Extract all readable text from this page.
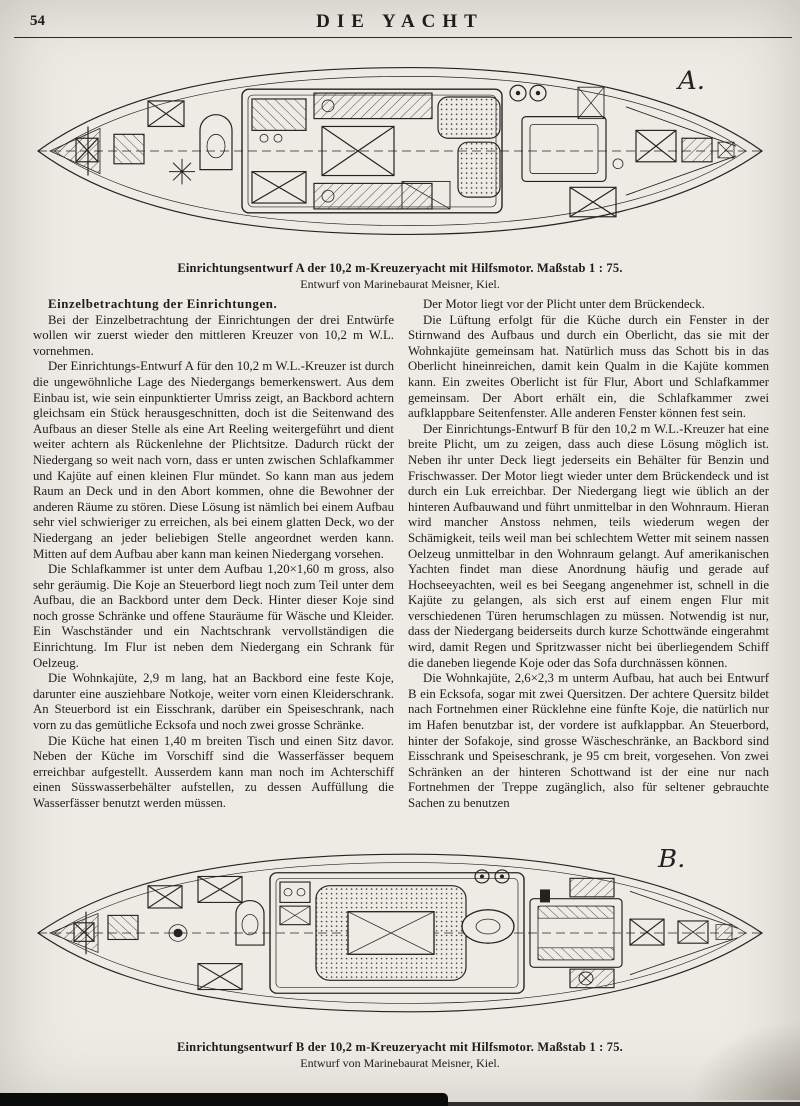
54	DIE YACHT
A.
Einrichtungsentwurf A der 10,2 m-Kreuzeryacht mit Hilfsmotor. Maßstab 1 : 75.
Entwurf von Marinebaurat Meisner, Kiel.

Einzelbetrachtung der Einrichtungen.

Bei der Einzelbetrachtung der Einrichtungen der drei Entwürfe wollen wir zuerst wieder den mittleren Kreuzer von 10,2 m W.L. vornehmen.

Der Einrichtungs-Entwurf A für den 10,2 m W.L.-Kreuzer ist durch die ungewöhnliche Lage des Niedergangs bemerkenswert. Aus dem Einbau ist, wie sein einpunktierter Umriss zeigt, an Backbord achtern gleichsam ein Stück herausgeschnitten, doch ist die Seitenwand des Aufbaus an dieser Stelle als eine Art Reeling weitergeführt und dient weiter achtern als Rückenlehne der Plichtsitze. Dadurch rückt der Niedergang so weit nach vorn, dass er unten zwischen Schlafkammer und Kajüte auf einen kleinen Flur mündet. So kann man aus jedem Raum an Deck und in den Abort kommen, ohne die Bewohner der anderen Räume zu stören. Diese Lösung ist nämlich bei einem Aufbau sehr viel schwieriger zu erreichen, als bei einem glatten Deck, wo der Niedergang an jeder beliebigen Stelle angeordnet werden kann. Mitten auf dem Aufbau aber kann man keinen Niedergang vorsehen.

Die Schlafkammer ist unter dem Aufbau 1,20×1,60 m gross, also sehr geräumig. Die Koje an Steuerbord liegt noch zum Teil unter dem Aufbau, die an Backbord unter dem Deck. Hinter dieser Koje sind noch grosse Schränke und offene Stauräume für Wäsche und Kleider. Ein Waschständer und ein Nachtschrank vervollständigen die Einrichtung. Im Flur ist neben dem Niedergang ein Schrank für Oelzeug.

Die Wohnkajüte, 2,9 m lang, hat an Backbord eine feste Koje, darunter eine ausziehbare Notkoje, weiter vorn einen Kleiderschrank. An Steuerbord ist ein Eisschrank, darüber ein Speiseschrank, nach vorn zu das gemütliche Ecksofa und noch zwei grosse Schränke.

Die Küche hat einen 1,40 m breiten Tisch und einen Sitz davor. Neben der Küche im Vorschiff sind die Wasserfässer bequem erreichbar aufgestellt. Ausserdem kann man noch im Achterschiff einen Süsswasserbehälter aufstellen, zu dessen Auffüllung die Wasserfässer benutzt werden müssen.

Der Motor liegt vor der Plicht unter dem Brückendeck.

Die Lüftung erfolgt für die Küche durch ein Fenster in der Stirnwand des Aufbaus und durch ein Oberlicht, das sie mit der Wohnkajüte gemeinsam hat. Natürlich muss das Schott bis in das Oberlicht hineinreichen, damit kein Qualm in die Kajüte kommen kann. Ein zweites Oberlicht ist für Flur, Abort und Schlafkammer gemeinsam. Der Abort erhält ein, die Schlafkammer zwei aufklappbare Seitenfenster. Alle anderen Fenster können fest sein.

Der Einrichtungs-Entwurf B für den 10,2 m W.L.-Kreuzer hat eine breite Plicht, um zu zeigen, dass auch diese Lösung möglich ist. Neben ihr unter Deck liegt jederseits ein Behälter für Benzin und Frischwasser. Der Motor liegt wieder unter dem Brückendeck und ist durch ein Luk erreichbar. Der Niedergang liegt wie üblich an der hinteren Aufbauwand und führt unmittelbar in den Wohnraum. Hieran wird mancher Anstoss nehmen, teils wiederum wegen der Schämigkeit, teils weil man bei schlechtem Wetter mit seinem nassen Oelzeug unmittelbar in den Wohnraum gelangt. Auf amerikanischen Yachten findet man diese Anordnung häufig und gerade auf Hochseeyachten, weil es bei Seegang angenehmer ist, schnell in die Kajüte zu gelangen, als sich erst auf einem engen Flur mit verschiedenen Türen herumschlagen zu müssen. Notwendig ist nur, dass der Niedergang beiderseits durch kurze Schottwände eingerahmt wird, damit Regen und Spritzwasser nicht bei überliegendem Schiff die daneben liegende Koje oder das Sofa durchnässen können.

Die Wohnkajüte, 2,6×2,3 m unterm Aufbau, hat auch bei Entwurf B ein Ecksofa, sogar mit zwei Quersitzen. Der achtere Quersitz bildet nach Fortnehmen einer Rücklehne eine fünfte Koje, die natürlich nur im Hafen benutzbar ist, der vordere ist aufklappbar. An Steuerbord, hinter der Sofakoje, sind grosse Wäscheschränke, an Backbord sind Eisschrank und Speiseschrank, je 95 cm breit, vorgesehen. Von zwei Schränken an der hinteren Schottwand ist der eine nur nach Fortnehmen der Treppe zugänglich, also für seltener gebrauchte Sachen zu benutzen

B.
Einrichtungsentwurf B der 10,2 m-Kreuzeryacht mit Hilfsmotor. Maßstab 1 : 75.
Entwurf von Marinebaurat Meisner, Kiel.
